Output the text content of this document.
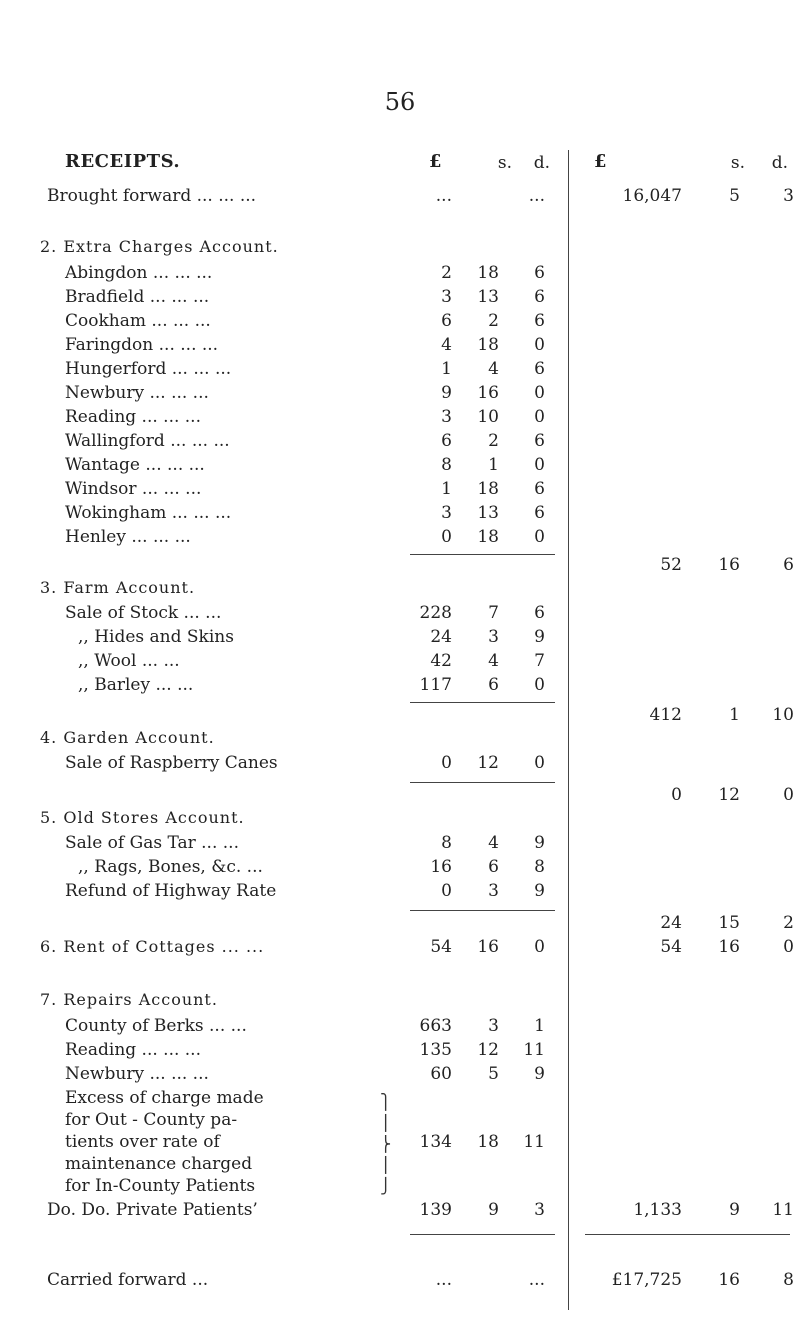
56
RECEIPTS.	£	s.	d.	£	s.	d.
Brought forward ... ... ...	...	...	16,047	5	3
2. Extra Charges Account.
Abingdon ... ... ...	2	18	6
Bradfield ... ... ...	3	13	6
Cookham ... ... ...	6	2	6
Faringdon ... ... ...	4	18	0
Hungerford ... ... ...	1	4	6
Newbury ... ... ...	9	16	0
Reading ... ... ...	3	10	0
Wallingford ... ... ...	6	2	6
Wantage ... ... ...	8	1	0
Windsor ... ... ...	1	18	6
Wokingham ... ... ...	3	13	6
Henley ... ... ...	0	18	0
52	16	6
3. Farm Account.
Sale of Stock ... ...	228	7	6
,, Hides and Skins	24	3	9
,, Wool ... ...	42	4	7
,, Barley ... ...	117	6	0
412	1	10
4. Garden Account.
Sale of Raspberry Canes	0	12	0
0	12	0
5. Old Stores Account.
Sale of Gas Tar ... ...	8	4	9
,, Rags, Bones, &c. ...	16	6	8
Refund of Highway Rate	0	3	9
24	15	2
6. Rent of Cottages ... ...	54	16	0	54	16	0
7. Repairs Account.
County of Berks ... ...	663	3	1
Reading ... ... ...	135	12	11
Newbury ... ... ...	60	5	9
Excess of charge made
for Out - County pa-
tients over rate of
maintenance charged
for In-County Patients
⎫
⎪
⎬
⎪
⎭
134	18	11
Do. Do. Private Patients’	139	9	3	1,133	9	11
Carried forward ...	...	...	£17,725	16	8
